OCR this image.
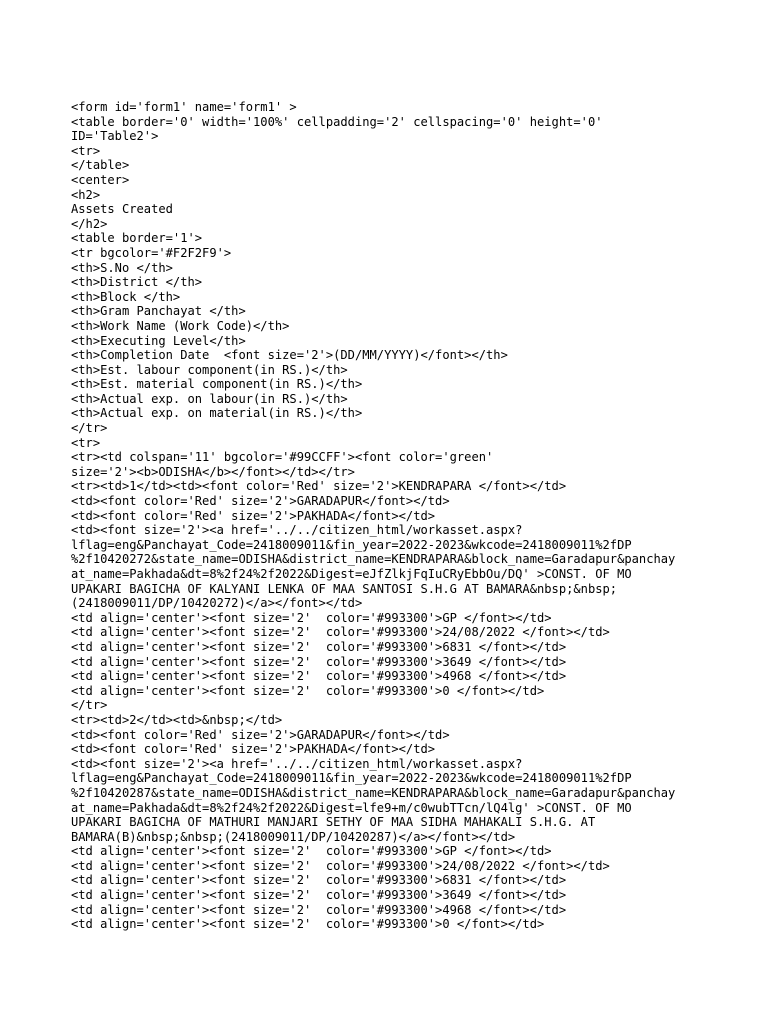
<form id='form1' name='form1' >
<table border='0' width='100%' cellpadding='2' cellspacing='0' height='0'
ID='Table2'>
<tr>
</table>
<center>
<h2>
Assets Created
</h2>
<table border='1'>
<tr bgcolor='#F2F2F9'>
<th>S.No </th>
<th>District </th>
<th>Block </th>
<th>Gram Panchayat </th>
<th>Work Name (Work Code)</th>
<th>Executing Level</th>
<th>Completion Date  <font size='2'>(DD/MM/YYYY)</font></th>
<th>Est. labour component(in RS.)</th>
<th>Est. material component(in RS.)</th>
<th>Actual exp. on labour(in RS.)</th>
<th>Actual exp. on material(in RS.)</th>
</tr>
<tr>
<tr><td colspan='11' bgcolor='#99CCFF'><font color='green'
size='2'><b>ODISHA</b></font></td></tr>
<tr><td>1</td><td><font color='Red' size='2'>KENDRAPARA </font></td>
<td><font color='Red' size='2'>GARADAPUR</font></td>
<td><font color='Red' size='2'>PAKHADA</font></td>
<td><font size='2'><a href='../../citizen_html/workasset.aspx?
lflag=eng&Panchayat_Code=2418009011&fin_year=2022-2023&wkcode=2418009011%2fDP
%2f10420272&state_name=ODISHA&district_name=KENDRAPARA&block_name=Garadapur&panchay
at_name=Pakhada&dt=8%2f24%2f2022&Digest=eJfZlkjFqIuCRyEbbOu/DQ' >CONST. OF MO
UPAKARI BAGICHA OF KALYANI LENKA OF MAA SANTOSI S.H.G AT BAMARA&nbsp;&nbsp;
(2418009011/DP/10420272)</a></font></td>
<td align='center'><font size='2'  color='#993300'>GP </font></td>
<td align='center'><font size='2'  color='#993300'>24/08/2022 </font></td>
<td align='center'><font size='2'  color='#993300'>6831 </font></td>
<td align='center'><font size='2'  color='#993300'>3649 </font></td>
<td align='center'><font size='2'  color='#993300'>4968 </font></td>
<td align='center'><font size='2'  color='#993300'>0 </font></td>
</tr>
<tr><td>2</td><td>&nbsp;</td>
<td><font color='Red' size='2'>GARADAPUR</font></td>
<td><font color='Red' size='2'>PAKHADA</font></td>
<td><font size='2'><a href='../../citizen_html/workasset.aspx?
lflag=eng&Panchayat_Code=2418009011&fin_year=2022-2023&wkcode=2418009011%2fDP
%2f10420287&state_name=ODISHA&district_name=KENDRAPARA&block_name=Garadapur&panchay
at_name=Pakhada&dt=8%2f24%2f2022&Digest=lfe9+m/c0wubTTcn/lQ4lg' >CONST. OF MO
UPAKARI BAGICHA OF MATHURI MANJARI SETHY OF MAA SIDHA MAHAKALI S.H.G. AT
BAMARA(B)&nbsp;&nbsp;(2418009011/DP/10420287)</a></font></td>
<td align='center'><font size='2'  color='#993300'>GP </font></td>
<td align='center'><font size='2'  color='#993300'>24/08/2022 </font></td>
<td align='center'><font size='2'  color='#993300'>6831 </font></td>
<td align='center'><font size='2'  color='#993300'>3649 </font></td>
<td align='center'><font size='2'  color='#993300'>4968 </font></td>
<td align='center'><font size='2'  color='#993300'>0 </font></td>
